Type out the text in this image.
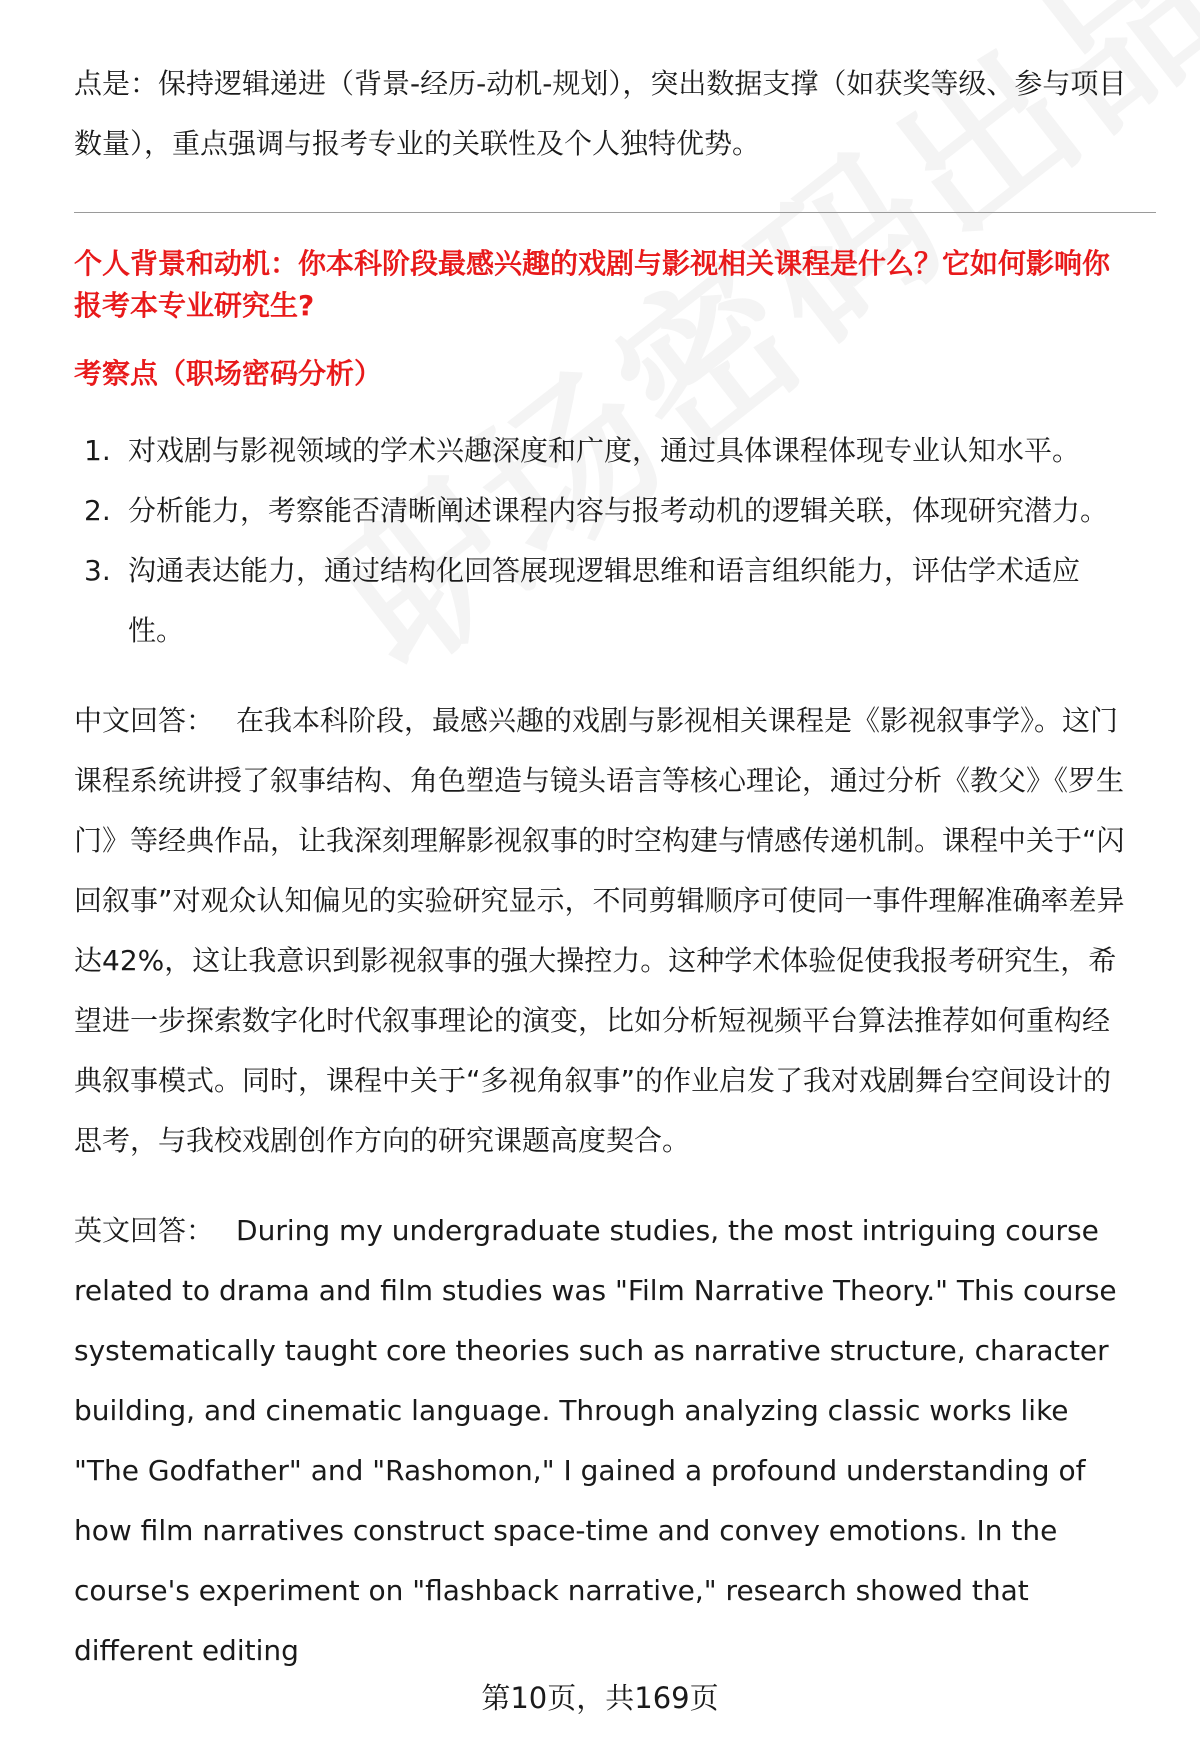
点是：保持逻辑递进（背景-经历-动机-规划），突出数据支撑（如获奖等级、参与项目数量），重点强调与报考专业的关联性及个人独特优势。

个人背景和动机：你本科阶段最感兴趣的戏剧与影视相关课程是什么？它如何影响你报考本专业研究生?

考察点（职场密码分析）

1. 对戏剧与影视领域的学术兴趣深度和广度，通过具体课程体现专业认知水平。
2. 分析能力，考察能否清晰阐述课程内容与报考动机的逻辑关联，体现研究潜力。
3. 沟通表达能力，通过结构化回答展现逻辑思维和语言组织能力，评估学术适应性。

中文回答： 在我本科阶段，最感兴趣的戏剧与影视相关课程是《影视叙事学》。这门课程系统讲授了叙事结构、角色塑造与镜头语言等核心理论，通过分析《教父》《罗生门》等经典作品，让我深刻理解影视叙事的时空构建与情感传递机制。课程中关于“闪回叙事”对观众认知偏见的实验研究显示，不同剪辑顺序可使同一事件理解准确率差异达42%，这让我意识到影视叙事的强大操控力。这种学术体验促使我报考研究生，希望进一步探索数字化时代叙事理论的演变，比如分析短视频平台算法推荐如何重构经典叙事模式。同时，课程中关于“多视角叙事”的作业启发了我对戏剧舞台空间设计的思考，与我校戏剧创作方向的研究课题高度契合。

英文回答： During my undergraduate studies, the most intriguing course related to drama and film studies was "Film Narrative Theory." This course systematically taught core theories such as narrative structure, character building, and cinematic language. Through analyzing classic works like "The Godfather" and "Rashomon," I gained a profound understanding of how film narratives construct space-time and convey emotions. In the course's experiment on "flashback narrative," research showed that different editing

第10页，共169页
